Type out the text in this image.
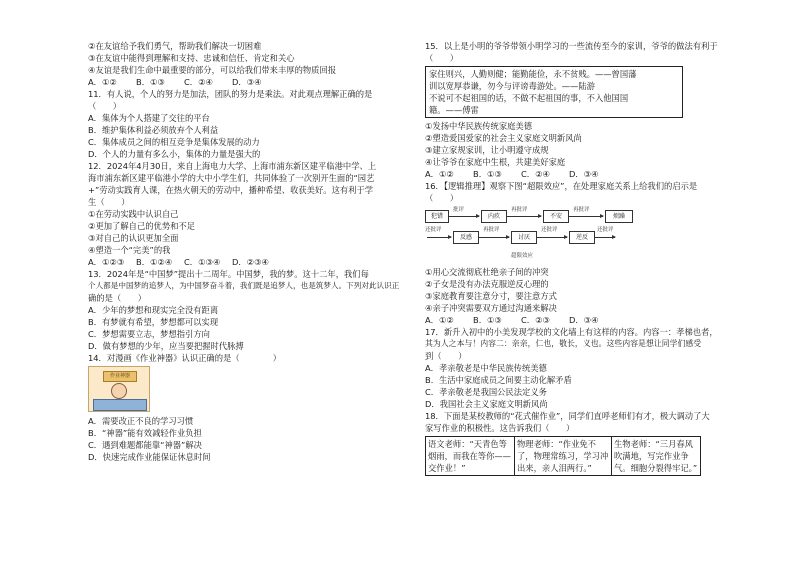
②在友谊给予我们勇气，帮助我们解决一切困难
③在友谊中能得到理解和支持、忠诚和信任、肯定和关心
④友谊是我们生命中最重要的部分，可以给我们带来丰厚的物质回报
A．①②	B．①③	C．②④	D．③④
11．有人说，个人的努力是加法，团队的努力是乘法。对此观点理解正确的是
（　　）
A．集体为个人搭建了交往的平台
B．维护集体利益必须放弃个人利益
C．集体成员之间的相互竞争是集体发展的动力
D．个人的力量有多么小，集体的力量是强大的
12．2024年4月30日，来自上海电力大学、上海市浦东新区建平临港中学、上
海市浦东新区建平临港小学的大中小学生们，共同体验了一次别开生面的“园艺
+”劳动实践育人课，在热火朝天的劳动中，播种希望、收获美好。这有利于学
生（　　）
①在劳动实践中认识自己
②更加了解自己的优势和不足
③对自己的认识更加全面
④塑造一个“完美”的我
A．①②③	B．①②④	C．①③④	D．②③④
13．2024年是“中国梦”提出十二周年。中国梦，我的梦。这十二年，我们每
个人都是中国梦的追梦人，为中国梦奋斗着，我们既是追梦人，也是筑梦人。下列对此认识正
确的是（　　）
A．少年的梦想和现实完全没有距离
B．有梦就有希望，梦想都可以实现
C．梦想需要立志，梦想指引方向
D．做有梦想的少年，应当要把握时代脉搏
14．对漫画《作业神器》认识正确的是（　　　　）
作业神器
A．需要改正不良的学习习惯
B．“神器”能有效减轻作业负担
C．遇到难题都能靠“神器”解决
D．快速完成作业能保证休息时间
15．以上是小明的爷爷带领小明学习的一些流传至今的家训，爷爷的做法有利于
（　　）
家住则兴，人勤则健；能勤能俭，永不贫贱。——曾国藩
训以宽厚恭谦，勿今与评谤毒游处。——陆游
不说可不起祖国的话，不做不起祖国的事，不入他国国
籍。——傅雷
①发扬中华民族传统家庭美德
②塑造爱国爱家的社会主义家庭文明新风尚
③建立家规家训，让小明遵守成规
④让爷爷在家庭中生根，共建美好家庭
A．①②	B．①③	C．②④	D．③④
16．【逻辑推理】观察下图“超限效应”，在处理家庭关系上给我们的启示是
（　　）
犯错
批评
内疚
再批评
不安
再批评
烦躁
还批评
反感
再批评
讨厌
还批评
逆反
还批评
超限效应
①用心交流彻底杜绝亲子间的冲突
②子女是没有办法克服逆反心理的
③家庭教育要注意分寸，要注意方式
④亲子冲突需要双方通过沟通来解决
A．①②	B．①③	C．②③	D．③④
17．新升入初中的小美发现学校的文化墙上有这样的内容。内容一：孝梯也者，
其为人之本与！内容二：亲亲，仁也，敬长，义也。这些内容是想让同学们感受
到（　　）
A．孝亲敬老是中华民族传统美德
B．生活中家庭成员之间要主动化解矛盾
C．孝亲敬老是我国公民法定义务
D．我国社会主义家庭文明新风尚
18．下面是某校教师的“花式催作业”，同学们直呼老师们有才，极大调动了大
家写作业的积极性。这告诉我们（　　）
语文老师：“天青色等烟雨，而我在等你——交作业！”	物理老师：“作业免不了，物理常练习，学习冲出来，亲人泪两行。”	生物老师：“三月春风吹满地，写完作业争气。细胞分裂得牢记。”
